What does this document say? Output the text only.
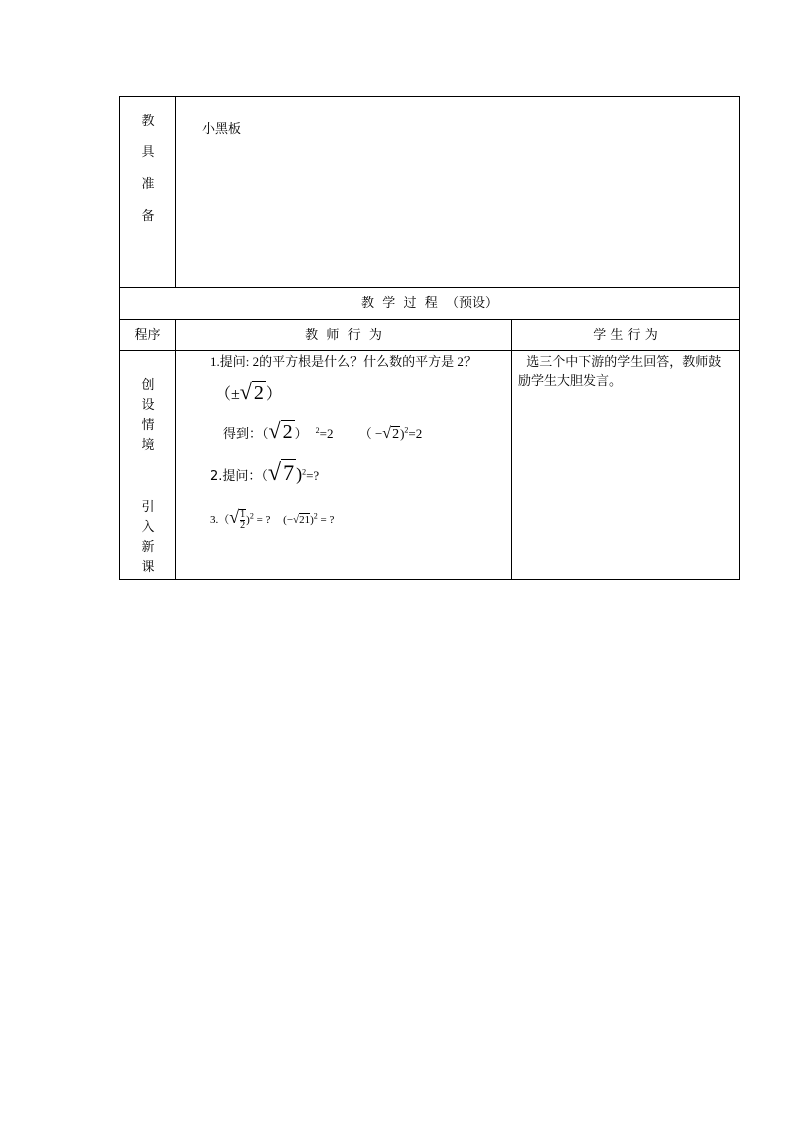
教
具
准
备
小黑板
教  学  过  程  （预设）
程序	教  师  行  为	学 生 行 为
创
设
情
境
引
入
新
课
1.提问: 2的平方根是什么？什么数的平方是 2？
（±√ 2 ）
得到：（√ 2 ） $^2$=2 （ −√2)$^2$=2
2.提问：（√7 )$^2$=?
$3.(√ \frac{1}{2} )^2$ = ? $(-√21)^2$ = ?
选三个中下游的学生回答，教师鼓
励学生大胆发言。
